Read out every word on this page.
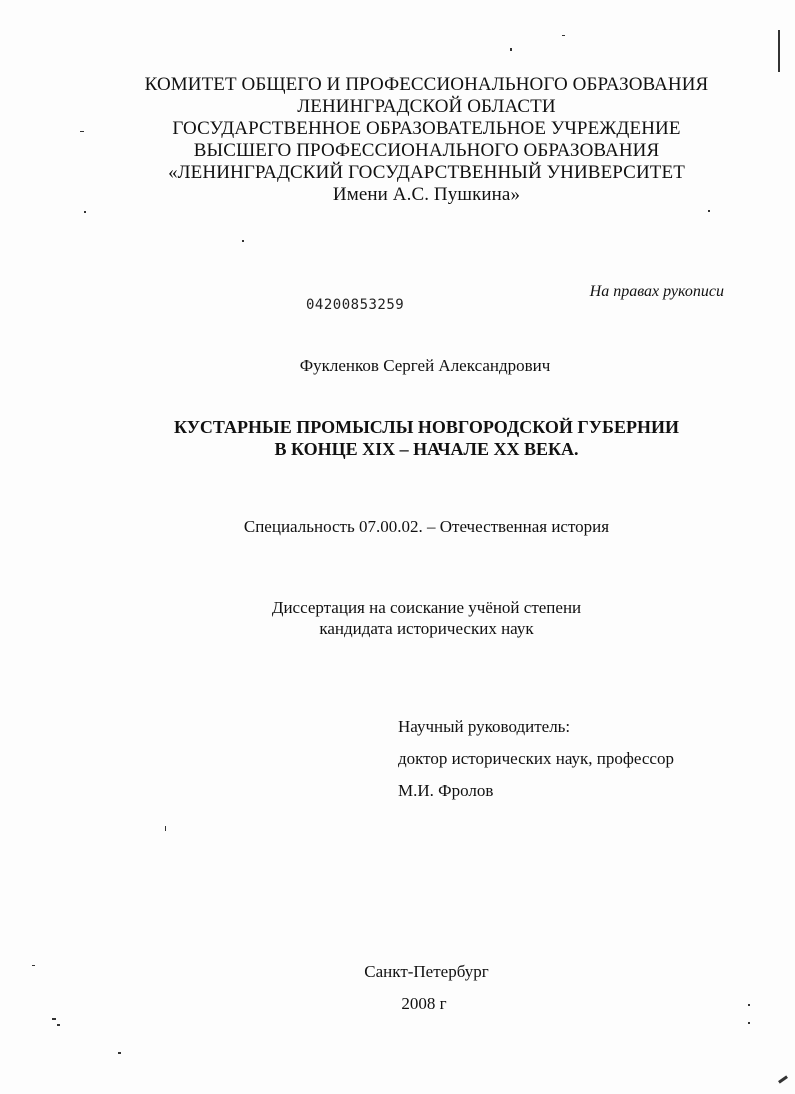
КОМИТЕТ ОБЩЕГО И ПРОФЕССИОНАЛЬНОГО ОБРАЗОВАНИЯ
ЛЕНИНГРАДСКОЙ ОБЛАСТИ
ГОСУДАРСТВЕННОЕ ОБРАЗОВАТЕЛЬНОЕ УЧРЕЖДЕНИЕ
ВЫСШЕГО ПРОФЕССИОНАЛЬНОГО ОБРАЗОВАНИЯ
«ЛЕНИНГРАДСКИЙ ГОСУДАРСТВЕННЫЙ УНИВЕРСИТЕТ
Имени А.С. Пушкина»
На правах рукописи
04200853259
Фукленков Сергей Александрович
КУСТАРНЫЕ ПРОМЫСЛЫ НОВГОРОДСКОЙ ГУБЕРНИИ
В КОНЦЕ XIX – НАЧАЛЕ XX ВЕКА.
Специальность 07.00.02. – Отечественная история
Диссертация на соискание учёной степени
кандидата исторических наук
Научный руководитель:
доктор исторических наук, профессор
М.И. Фролов
Санкт-Петербург
2008 г
